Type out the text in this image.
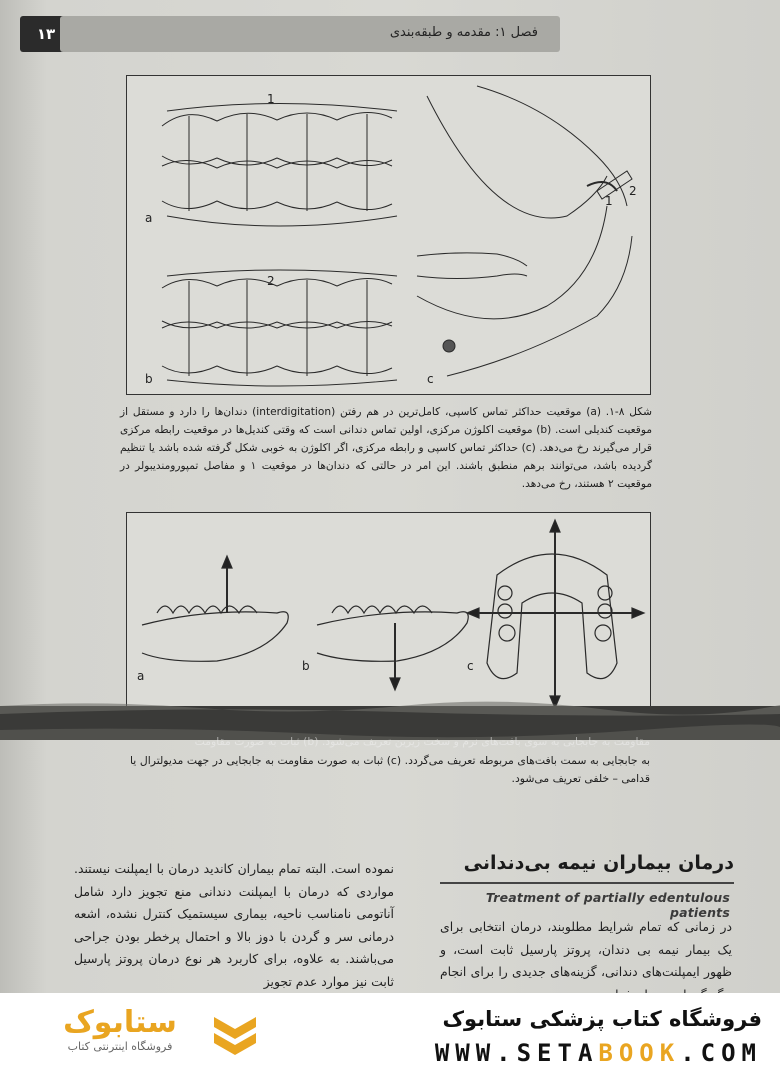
۱۳	فصل ۱: مقدمه و طبقه‌بندی
1
2
a
b	c
1
2
شکل ۸-۱. (a) موقعیت حداکثر تماس کاسپی، کامل‌ترین در هم رفتن (interdigitation) دندان‌ها را دارد و مستقل از موقعیت کندیلی است. (b) موقعیت اکلوژن مرکزی، اولین تماس دندانی است که وقتی کندیل‌ها در موقعیت رابطه مرکزی قرار می‌گیرند رخ می‌دهد. (c) حداکثر تماس کاسپی و رابطه مرکزی، اگر اکلوژن به خوبی شکل گرفته شده باشد یا تنظیم گردیده باشد، می‌توانند برهم منطبق باشند. این امر در حالتی که دندان‌ها در موقعیت ۱ و مفاصل تمپورومندیبولر در موقعیت ۲ هستند، رخ می‌دهد.
a
b	c
مقاومت به جابجایی به سوی بافت‌های نرم و سخت زیرین تعریف می‌شود. (b) ثبات به صورت مقاومت
به جابجایی به سمت بافت‌های مربوطه تعریف می‌گردد. (c) ثبات به صورت مقاومت به جابجایی در جهت مدیولترال یا قدامی – خلفی تعریف می‌شود.
درمان بیماران نیمه بی‌دندانی
Treatment of partially edentulous patients
در زمانی که تمام شرایط مطلوبند، درمان انتخابی برای یک بیمار نیمه بی دندان، پروتز پارسیل ثابت است، و ظهور ایمپلنت‌های دندانی، گزینه‌های جدیدی را برای انجام
نموده است. البته تمام بیماران کاندید درمان با ایمپلنت نیستند. مواردی که درمان با ایمپلنت دندانی منع تجویز دارد شامل آناتومی نامناسب ناحیه، بیماری سیستمیک کنترل نشده، اشعه درمانی سر و گردن با دوز بالا و احتمال پرخطر بودن جراحی می‌باشند. به علاوه، برای کاربرد هر نوع درمان پروتز پارسیل ثابت نیز موارد عدم تجویز
ستابوک
فروشگاه اینترنتی کتاب
فروشگاه کتاب پزشکی ستابوک
WWW.SETABOOK.COM
